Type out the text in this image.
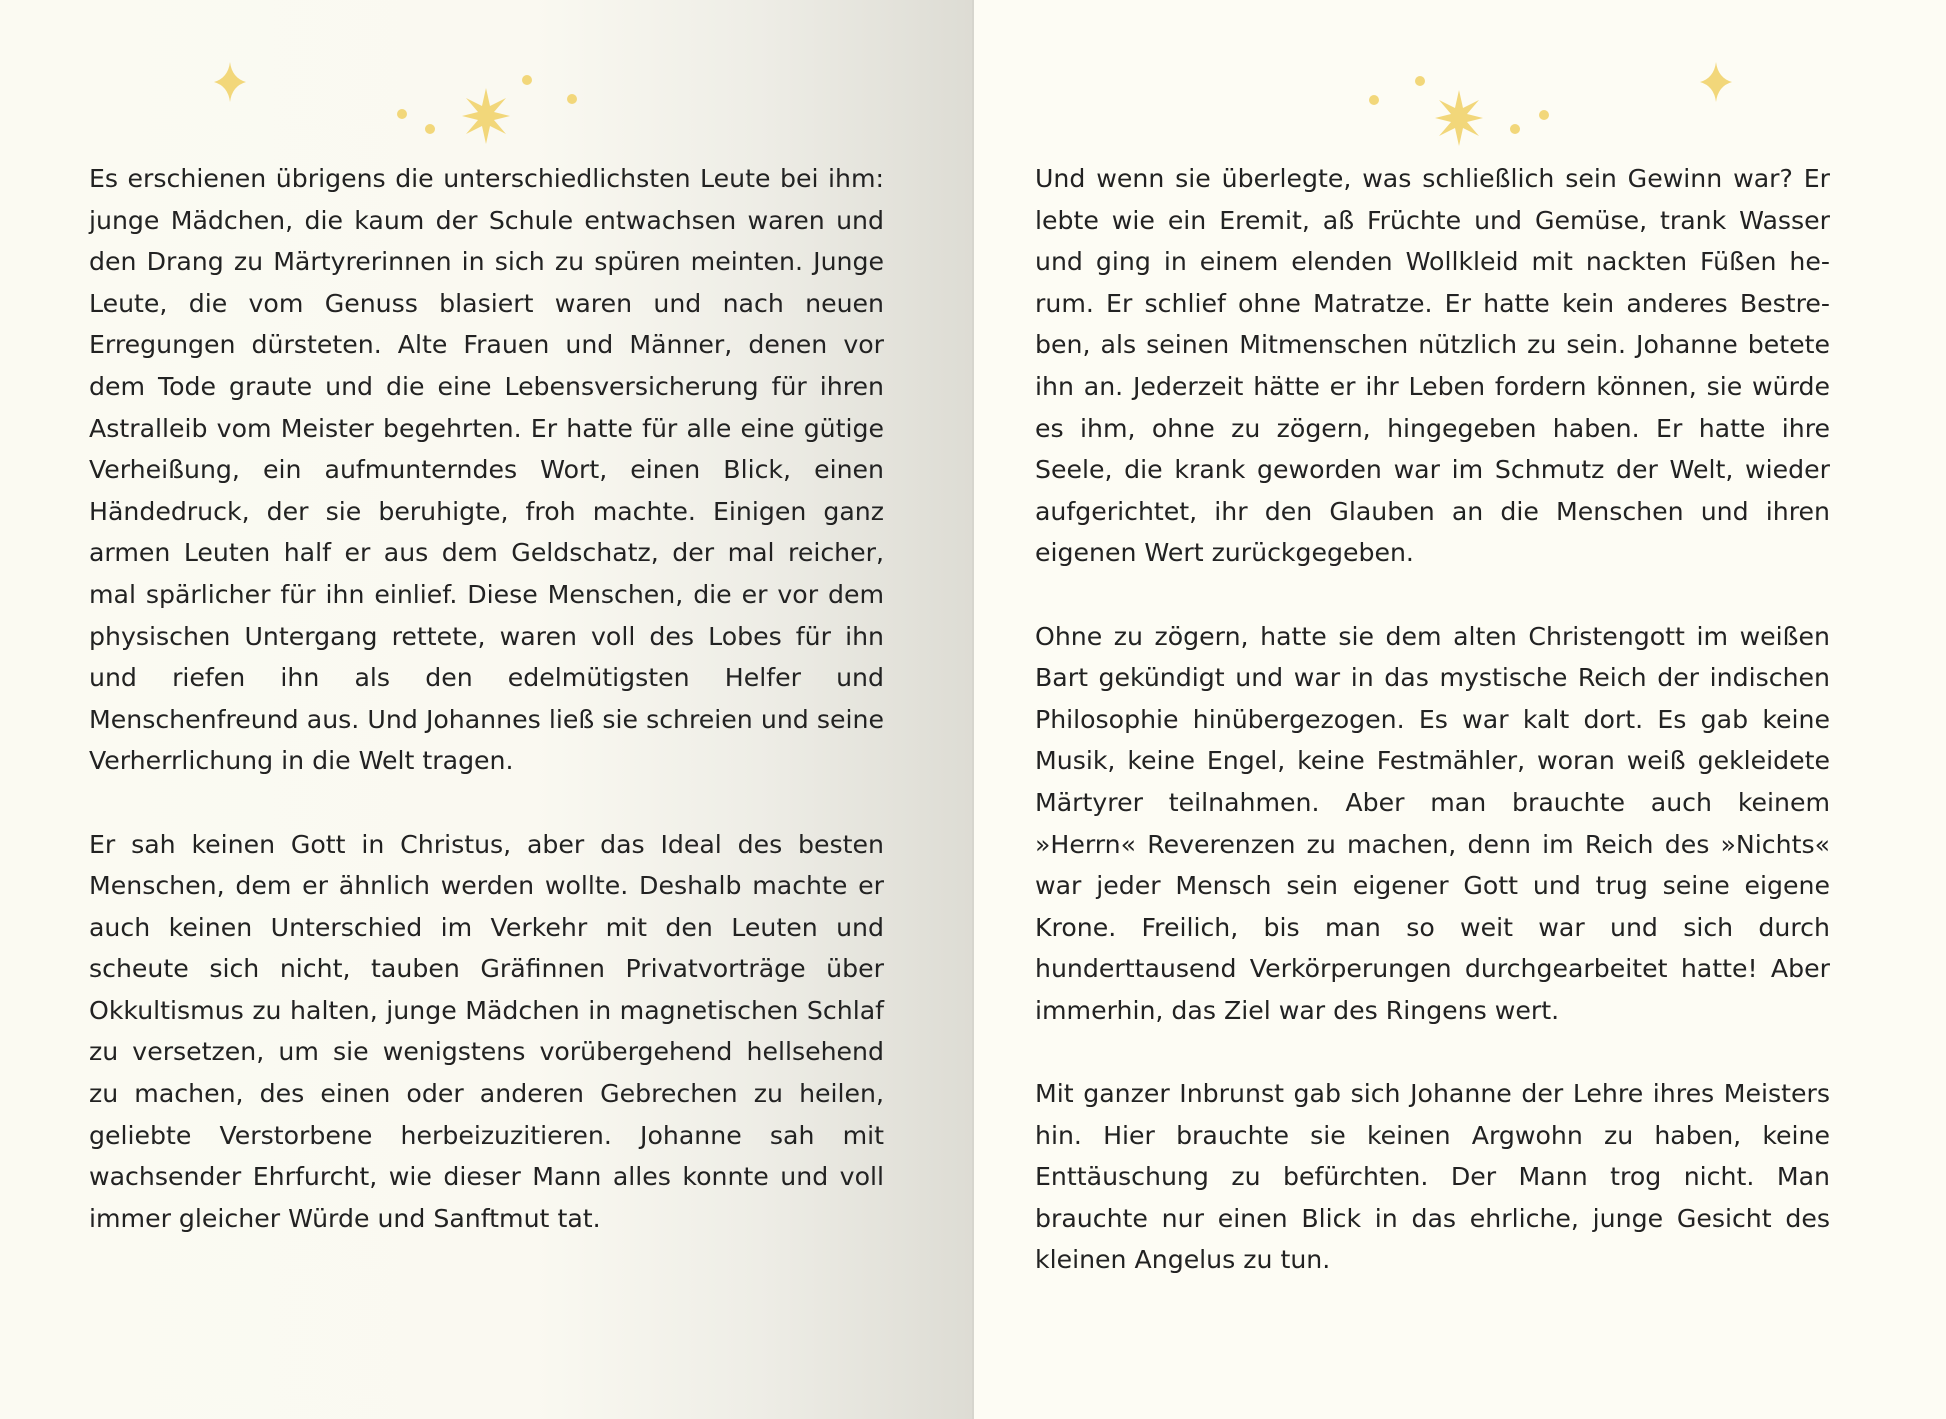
Es erschienen übrigens die unterschiedlichsten Leute bei ihm: junge Mädchen, die kaum der Schule entwachsen waren und den Drang zu Märtyrerinnen in sich zu spüren meinten. Junge Leute, die vom Genuss blasiert waren und nach neuen Erregungen dürsteten. Alte Frauen und Männer, denen vor dem Tode graute und die eine Lebensversicherung für ihren Astralleib vom Meister begehrten. Er hatte für alle eine gütige Verheißung, ein aufmunterndes Wort, einen Blick, einen Händedruck, der sie beruhigte, froh machte. Einigen ganz armen Leuten half er aus dem Geldschatz, der mal reicher, mal spärlicher für ihn einlief. Diese Menschen, die er vor dem physischen Untergang rettete, waren voll des Lobes für ihn und riefen ihn als den edelmütigsten Helfer und Menschenfreund aus. Und Johannes ließ sie schreien und seine Verherrlichung in die Welt tragen.

Er sah keinen Gott in Christus, aber das Ideal des besten Menschen, dem er ähnlich werden wollte. Deshalb machte er auch keinen Unterschied im Verkehr mit den Leuten und scheute sich nicht, tauben Gräfinnen Privatvorträge über Okkultismus zu halten, junge Mädchen in magnetischen Schlaf zu versetzen, um sie wenigstens vorübergehend hellsehend zu machen, des einen oder anderen Gebrechen zu heilen, geliebte Verstorbene herbeizuzitieren. Johanne sah mit wachsender Ehrfurcht, wie dieser Mann alles konnte und voll immer gleicher Würde und Sanftmut tat.

Und wenn sie überlegte, was schließlich sein Gewinn war? Er lebte wie ein Eremit, aß Früchte und Gemüse, trank Wasser und ging in einem elenden Wollkleid mit nackten Füßen herum. Er schlief ohne Matratze. Er hatte kein anderes Bestreben, als seinen Mitmenschen nützlich zu sein. Johanne betete ihn an. Jederzeit hätte er ihr Leben fordern können, sie würde es ihm, ohne zu zögern, hingegeben haben. Er hatte ihre Seele, die krank geworden war im Schmutz der Welt, wieder aufgerichtet, ihr den Glauben an die Menschen und ihren eigenen Wert zurückgegeben.

Ohne zu zögern, hatte sie dem alten Christengott im weißen Bart gekündigt und war in das mystische Reich der indischen Philosophie hinübergezogen. Es war kalt dort. Es gab keine Musik, keine Engel, keine Festmähler, woran weiß gekleidete Märtyrer teilnahmen. Aber man brauchte auch keinem »Herrn« Reverenzen zu machen, denn im Reich des »Nichts« war jeder Mensch sein eigener Gott und trug seine eigene Krone. Freilich, bis man so weit war und sich durch hunderttausend Verkörperungen durchgearbeitet hatte! Aber immerhin, das Ziel war des Ringens wert.

Mit ganzer Inbrunst gab sich Johanne der Lehre ihres Meisters hin. Hier brauchte sie keinen Argwohn zu haben, keine Enttäuschung zu befürchten. Der Mann trog nicht. Man brauchte nur einen Blick in das ehrliche, junge Gesicht des kleinen Angelus zu tun.
